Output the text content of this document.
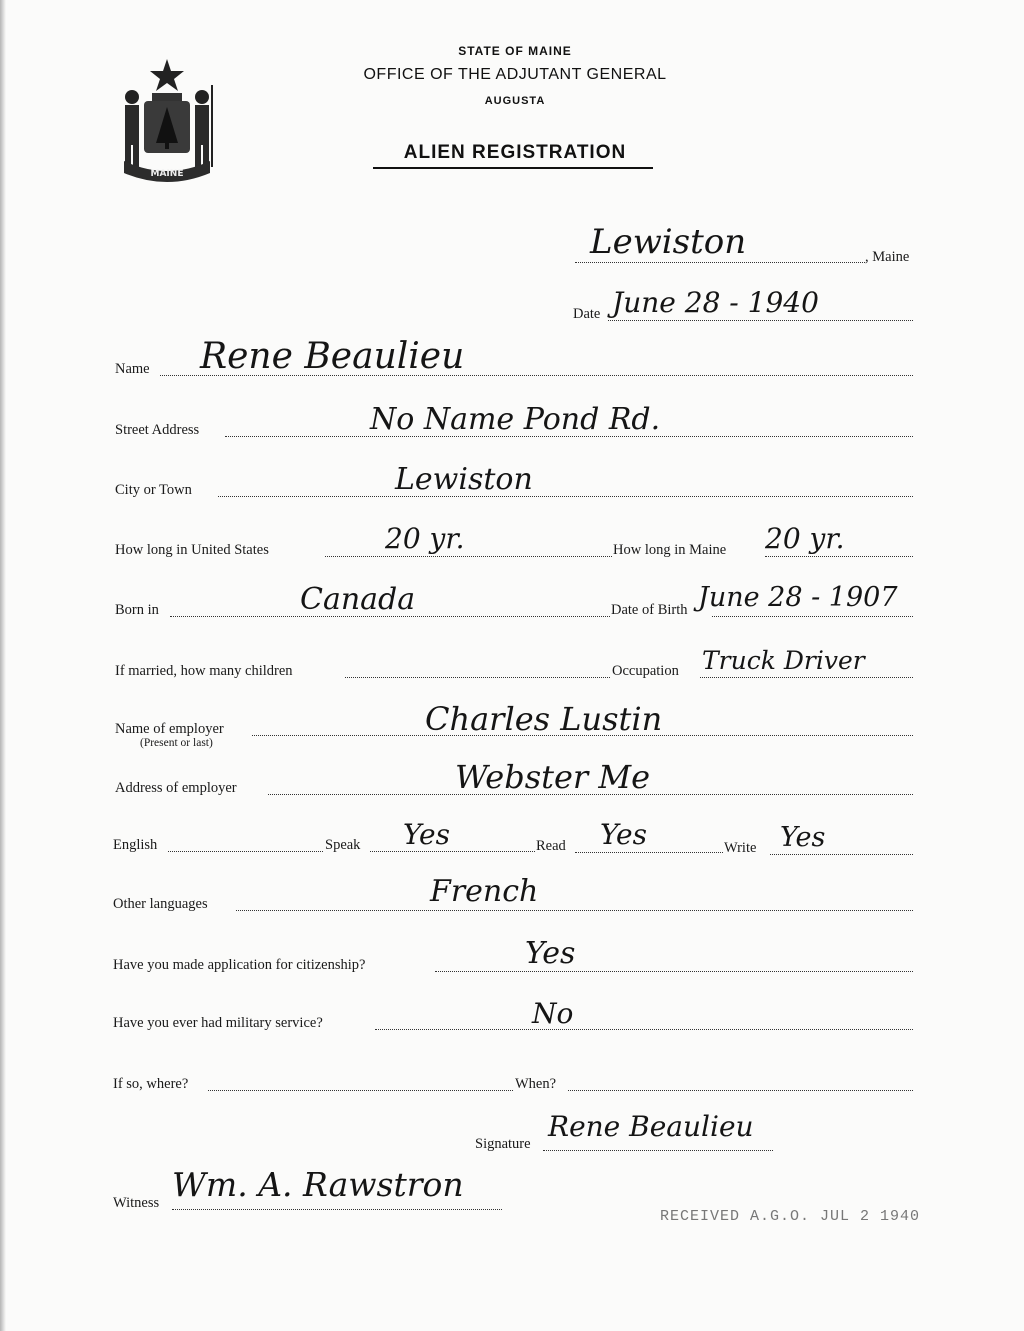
MAINE
STATE OF MAINE
OFFICE OF THE ADJUTANT GENERAL
AUGUSTA
ALIEN REGISTRATION
, Maine
Lewiston
Date June 28 - 1940
Name Rene Beaulieu
Street Address	No Name Pond Rd.
City or Town	Lewiston
How long in United States	20 yr.	How long in Maine 20 yr.
Born in	Canada	Date of Birth June 28 - 1907
If married, how many children	Occupation Truck Driver
Name of employer
(Present or last)
Charles Lustin
Address of employer	Webster Me
English	Speak Yes	Read Yes	Write Yes
Other languages	French
Have you made application for citizenship?	Yes
Have you ever had military service?	No
If so, where?	When?
Signature
Rene Beaulieu
Witness Wm. A. Rawstron
RECEIVED A.G.O. JUL 2 1940
